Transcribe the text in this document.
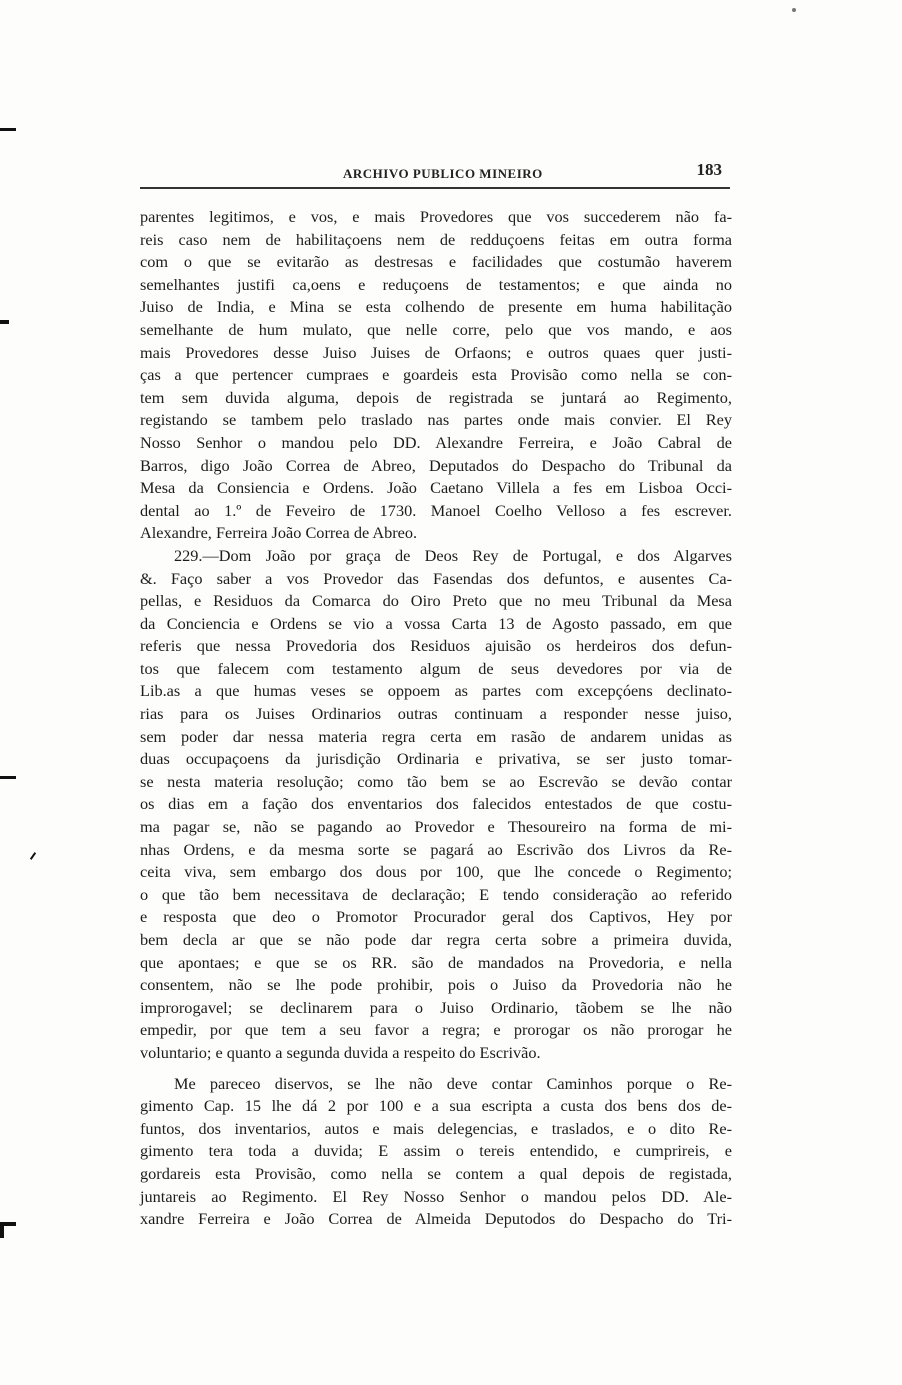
ARCHIVO PUBLICO MINEIRO	183
parentes legitimos, e vos, e mais Provedores que vos succederem não fa-
reis caso nem de habilitaçoens nem de redduçoens feitas em outra forma
com o que se evitarão as destresas e facilidades que costumão haverem
semelhantes justifi ca,oens e reduçoens de testamentos; e que ainda no
Juiso de India, e Mina se esta colhendo de presente em huma habilitação
semelhante de hum mulato, que nelle corre, pelo que vos mando, e aos
mais Provedores desse Juiso Juises de Orfaons; e outros quaes quer justi-
ças a que pertencer cumpraes e goardeis esta Provisão como nella se con-
tem sem duvida alguma, depois de registrada se juntará ao Regimento,
registando se tambem pelo traslado nas partes onde mais convier. El Rey
Nosso Senhor o mandou pelo DD. Alexandre Ferreira, e João Cabral de
Barros, digo João Correa de Abreo, Deputados do Despacho do Tribunal da
Mesa da Consiencia e Ordens. João Caetano Villela a fes em Lisboa Occi-
dental ao 1.º de Feveiro de 1730. Manoel Coelho Velloso a fes escrever.
Alexandre, Ferreira João Correa de Abreo.
229.—Dom João por graça de Deos Rey de Portugal, e dos Algarves
&. Faço saber a vos Provedor das Fasendas dos defuntos, e ausentes Ca-
pellas, e Residuos da Comarca do Oiro Preto que no meu Tribunal da Mesa
da Conciencia e Ordens se vio a vossa Carta 13 de Agosto passado, em que
referis que nessa Provedoria dos Residuos ajuisão os herdeiros dos defun-
tos que falecem com testamento algum de seus devedores por via de
Lib.as a que humas veses se oppoem as partes com excepçóens declinato-
rias para os Juises Ordinarios outras continuam a responder nesse juiso,
sem poder dar nessa materia regra certa em rasão de andarem unidas as
duas occupaçoens da jurisdição Ordinaria e privativa, se ser justo tomar-
se nesta materia resolução; como tão bem se ao Escrevão se devão contar
os dias em a fação dos enventarios dos falecidos entestados de que costu-
ma pagar se, não se pagando ao Provedor e Thesoureiro na forma de mi-
nhas Ordens, e da mesma sorte se pagará ao Escrivão dos Livros da Re-
ceita viva, sem embargo dos dous por 100, que lhe concede o Regimento;
o que tão bem necessitava de declaração; E tendo consideração ao referido
e resposta que deo o Promotor Procurador geral dos Captivos, Hey por
bem decla ar que se não pode dar regra certa sobre a primeira duvida,
que apontaes; e que se os RR. são de mandados na Provedoria, e nella
consentem, não se lhe pode prohibir, pois o Juiso da Provedoria não he
improrogavel; se declinarem para o Juiso Ordinario, tãobem se lhe não
empedir, por que tem a seu favor a regra; e prorogar os não prorogar he
voluntario; e quanto a segunda duvida a respeito do Escrivão.
Me pareceo diservos, se lhe não deve contar Caminhos porque o Re-
gimento Cap. 15 lhe dá 2 por 100 e a sua escripta a custa dos bens dos de-
funtos, dos inventarios, autos e mais delegencias, e traslados, e o dito Re-
gimento tera toda a duvida; E assim o tereis entendido, e cumprireis, e
gordareis esta Provisão, como nella se contem a qual depois de registada,
juntareis ao Regimento. El Rey Nosso Senhor o mandou pelos DD. Ale-
xandre Ferreira e João Correa de Almeida Deputodos do Despacho do Tri-
